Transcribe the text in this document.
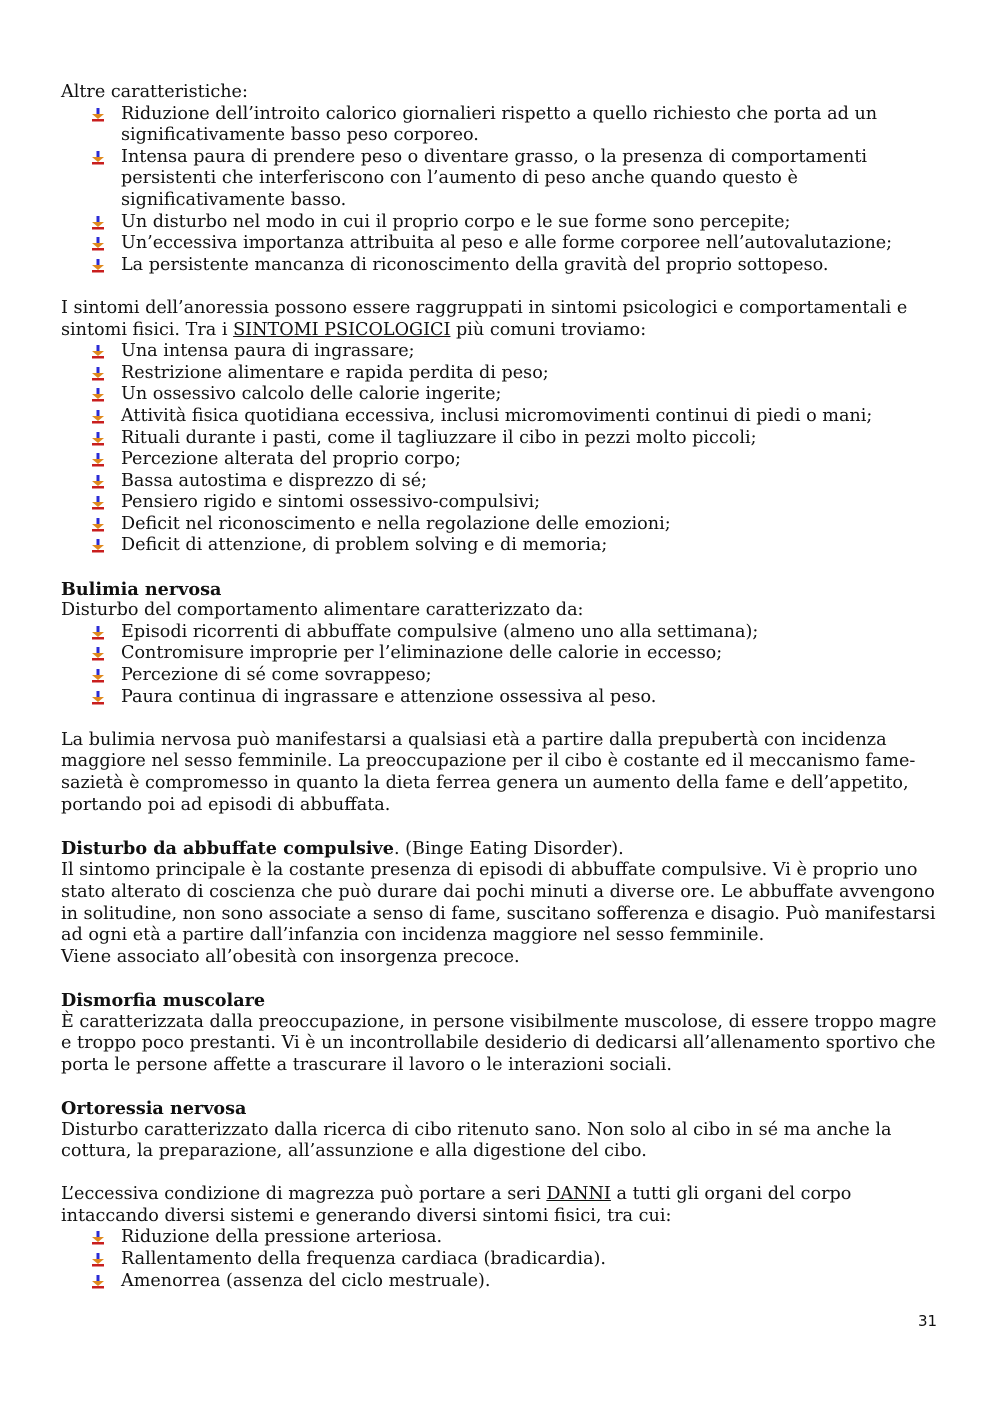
Altre caratteristiche:

Riduzione dell’introito calorico giornalieri rispetto a quello richiesto che porta ad un significativamente basso peso corporeo.
Intensa paura di prendere peso o diventare grasso, o la presenza di comportamenti persistenti che interferiscono con l’aumento di peso anche quando questo è significativamente basso.
Un disturbo nel modo in cui il proprio corpo e le sue forme sono percepite;
Un’eccessiva importanza attribuita al peso e alle forme corporee nell’autovalutazione;
La persistente mancanza di riconoscimento della gravità del proprio sottopeso.

I sintomi dell’anoressia possono essere raggruppati in sintomi psicologici e comportamentali e sintomi fisici. Tra i SINTOMI PSICOLOGICI più comuni troviamo:

Una intensa paura di ingrassare;
Restrizione alimentare e rapida perdita di peso;
Un ossessivo calcolo delle calorie ingerite;
Attività fisica quotidiana eccessiva, inclusi micromovimenti continui di piedi o mani;
Rituali durante i pasti, come il tagliuzzare il cibo in pezzi molto piccoli;
Percezione alterata del proprio corpo;
Bassa autostima e disprezzo di sé;
Pensiero rigido e sintomi ossessivo-compulsivi;
Deficit nel riconoscimento e nella regolazione delle emozioni;
Deficit di attenzione, di problem solving e di memoria;

Bulimia nervosa

Disturbo del comportamento alimentare caratterizzato da:

Episodi ricorrenti di abbuffate compulsive (almeno uno alla settimana);
Contromisure improprie per l’eliminazione delle calorie in eccesso;
Percezione di sé come sovrappeso;
Paura continua di ingrassare e attenzione ossessiva al peso.

La bulimia nervosa può manifestarsi a qualsiasi età a partire dalla prepubertà con incidenza maggiore nel sesso femminile. La preoccupazione per il cibo è costante ed il meccanismo fame-sazietà è compromesso in quanto la dieta ferrea genera un aumento della fame e dell’appetito, portando poi ad episodi di abbuffata.

Disturbo da abbuffate compulsive. (Binge Eating Disorder).

Il sintomo principale è la costante presenza di episodi di abbuffate compulsive. Vi è proprio uno stato alterato di coscienza che può durare dai pochi minuti a diverse ore. Le abbuffate avvengono in solitudine, non sono associate a senso di fame, suscitano sofferenza e disagio. Può manifestarsi ad ogni età a partire dall’infanzia con incidenza maggiore nel sesso femminile.

Viene associato all’obesità con insorgenza precoce.

Dismorfia muscolare

È caratterizzata dalla preoccupazione, in persone visibilmente muscolose, di essere troppo magre e troppo poco prestanti. Vi è un incontrollabile desiderio di dedicarsi all’allenamento sportivo che porta le persone affette a trascurare il lavoro o le interazioni sociali.

Ortoressia nervosa

Disturbo caratterizzato dalla ricerca di cibo ritenuto sano. Non solo al cibo in sé ma anche la cottura, la preparazione, all’assunzione e alla digestione del cibo.

L’eccessiva condizione di magrezza può portare a seri DANNI a tutti gli organi del corpo intaccando diversi sistemi e generando diversi sintomi fisici, tra cui:

Riduzione della pressione arteriosa.
Rallentamento della frequenza cardiaca (bradicardia).
Amenorrea (assenza del ciclo mestruale).
31
